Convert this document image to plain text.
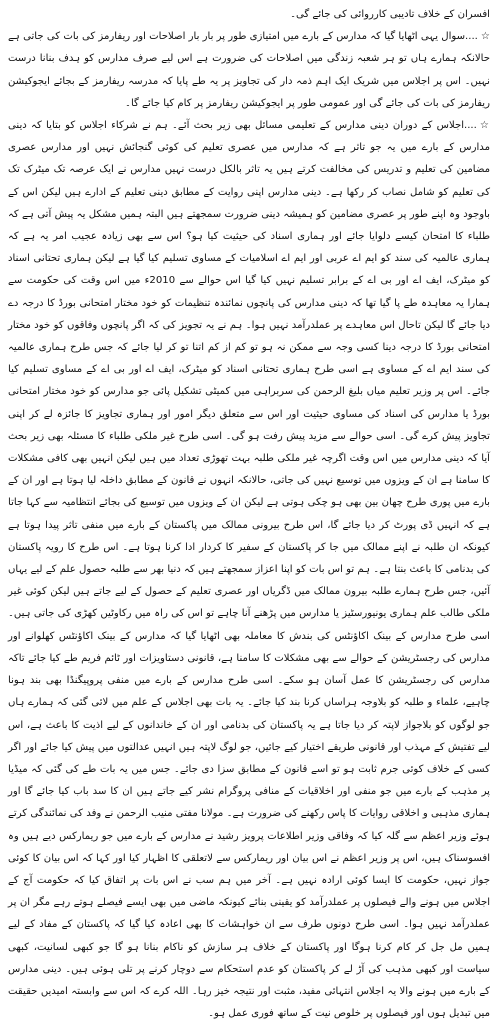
افسران کے خلاف تادیبی کارروائی کی جائے گی۔

☆....سوال یہی اٹھایا گیا کہ مدارس کے بارے میں امتیازی طور پر بار بار اصلاحات اور ریفارمز کی بات کی جاتی ہے حالانکہ ہمارے ہاں تو ہر شعبہ زندگی میں اصلاحات کی ضرورت ہے اس لیے صرف مدارس کو ہدف بنانا درست نہیں۔ اس پر اجلاس میں شریک ایک اہم ذمہ دار کی تجاویز پر یہ طے پایا کہ مدرسہ ریفارمز کے بجائے ایجوکیشن ریفارمز کی بات کی جائے گی اور عمومی طور پر ایجوکیشن ریفارمز پر کام کیا جائے گا۔

☆....اجلاس کے دوران دینی مدارس کے تعلیمی مسائل بھی زیر بحث آئے۔ ہم نے شرکاء اجلاس کو بتایا کہ دینی مدارس کے بارے میں یہ جو تاثر ہے کہ مدارس میں عصری تعلیم کی کوئی گنجائش نہیں اور مدارس عصری مضامین کی تعلیم و تدریس کی مخالفت کرتے ہیں یہ تاثر بالکل درست نہیں مدارس نے ایک عرصہ تک میٹرک تک کی تعلیم کو شامل نصاب کر رکھا ہے۔ دینی مدارس اپنی روایت کے مطابق دینی تعلیم کے ادارے ہیں لیکن اس کے باوجود وہ اپنے طور پر عصری مضامین کو ہمیشہ دینی ضرورت سمجھتے ہیں البتہ ہمیں مشکل یہ پیش آتی ہے کہ طلباء کا امتحان کیسے دلوایا جائے اور ہماری اسناد کی حیثیت کیا ہو؟ اس سے بھی زیادہ عجیب امر یہ ہے کہ ہماری عالمیہ کی سند کو ایم اے عربی اور ایم اے اسلامیات کے مساوی تسلیم کیا گیا ہے لیکن ہماری تحتانی اسناد کو میٹرک، ایف اے اور بی اے کے برابر تسلیم نہیں کیا گیا اس حوالے سے 2010ء میں اس وقت کی حکومت سے ہمارا یہ معاہدہ طے پا گیا تھا کہ دینی مدارس کی پانچوں نمائندہ تنظیمات کو خود مختار امتحانی بورڈ کا درجہ دے دیا جائے گا لیکن تاحال اس معاہدے پر عملدرآمد نہیں ہوا۔ ہم نے یہ تجویز کی کہ اگر پانچوں وفاقوں کو خود مختار امتحانی بورڈ کا درجہ دینا کسی وجہ سے ممکن نہ ہو تو کم از کم اتنا تو کر لیا جائے کہ جس طرح ہماری عالمیہ کی سند ایم اے کے مساوی ہے اسی طرح ہماری تحتانی اسناد کو میٹرک، ایف اے اور بی اے کے مساوی تسلیم کیا جائے۔ اس پر وزیر تعلیم میاں بلیغ الرحمن کی سربراہی میں کمیٹی تشکیل پائی جو مدارس کو خود مختار امتحانی بورڈ یا مدارس کی اسناد کی مساوی حیثیت اور اس سے متعلق دیگر امور اور ہماری تجاویز کا جائزہ لے کر اپنی تجاویز پیش کرے گی۔ اسی حوالے سے مزید پیش رفت ہو گی۔ اسی طرح غیر ملکی طلباء کا مسئلہ بھی زیر بحث آیا کہ دینی مدارس میں اس وقت اگرچہ غیر ملکی طلبہ بہت تھوڑی تعداد میں ہیں لیکن انہیں بھی کافی مشکلات کا سامنا ہے ان کے ویزوں میں توسیع نہیں کی جاتی، حالانکہ انہوں نے قانون کے مطابق داخلہ لیا ہوتا ہے اور ان کے بارے میں پوری طرح چھان بین بھی ہو چکی ہوتی ہے لیکن ان کے ویزوں میں توسیع کی بجائے انتظامیہ سے کہا جاتا ہے کہ انہیں ڈی پورٹ کر دیا جائے گا، اس طرح بیرونی ممالک میں پاکستان کے بارے میں منفی تاثر پیدا ہوتا ہے کیونکہ ان طلبہ نے اپنے ممالک میں جا کر پاکستان کے سفیر کا کردار ادا کرنا ہوتا ہے۔ اس طرح کا رویہ پاکستان کی بدنامی کا باعث بنتا ہے۔ ہم تو اس بات کو اپنا اعزاز سمجھتے ہیں کہ دنیا بھر سے طلبہ حصول علم کے لیے یہاں آئیں، جس طرح ہمارے طلبہ بیرون ممالک میں ڈگریاں اور عصری تعلیم کے حصول کے لیے جاتے ہیں لیکن کوئی غیر ملکی طالب علم ہماری یونیورسٹیز یا مدارس میں پڑھنے آنا چاہے تو اس کی راہ میں رکاوٹیں کھڑی کی جاتی ہیں۔ اسی طرح مدارس کے بینک اکاؤنٹس کی بندش کا معاملہ بھی اٹھایا گیا کہ مدارس کے بینک اکاؤنٹس کھلوانے اور مدارس کی رجسٹریشن کے حوالے سے بھی مشکلات کا سامنا ہے، قانونی دستاویزات اور ٹائم فریم طے کیا جائے تاکہ مدارس کی رجسٹریشن کا عمل آسان ہو سکے۔ اسی طرح مدارس کے بارے میں منفی پروپیگنڈا بھی بند ہونا چاہیے، علماء و طلبہ کو بلاوجہ ہراساں کرنا بند کیا جائے۔ یہ بات بھی اجلاس کے علم میں لائی گئی کہ ہمارے ہاں جو لوگوں کو بلاجواز لاپتہ کر دیا جاتا ہے یہ پاکستان کی بدنامی اور ان کے خاندانوں کے لیے اذیت کا باعث ہے، اس لیے تفتیش کے مہذب اور قانونی طریقے اختیار کیے جائیں، جو لوگ لاپتہ ہیں انہیں عدالتوں میں پیش کیا جائے اور اگر کسی کے خلاف کوئی جرم ثابت ہو تو اسے قانون کے مطابق سزا دی جائے۔ جس میں یہ بات طے کی گئی کہ میڈیا پر مذہب کے بارے میں جو منفی اور اخلاقیات کے منافی پروگرام نشر کیے جاتے ہیں ان کا سد باب کیا جائے گا اور ہماری مذہبی و اخلاقی روایات کا پاس رکھنے کی ضرورت ہے۔ مولانا مفتی منیب الرحمن نے وفد کی نمائندگی کرتے ہوئے وزیر اعظم سے گلہ کیا کہ وفاقی وزیر اطلاعات پرویز رشید نے مدارس کے بارے میں جو ریمارکس دیے ہیں وہ افسوسناک ہیں، اس پر وزیر اعظم نے اس بیان اور ریمارکس سے لاتعلقی کا اظہار کیا اور کہا کہ اس بیان کا کوئی جواز نہیں، حکومت کا ایسا کوئی ارادہ نہیں ہے۔ آخر میں ہم سب نے اس بات پر اتفاق کیا کہ حکومت آج کے اجلاس میں ہونے والے فیصلوں پر عملدرآمد کو یقینی بنائے کیونکہ ماضی میں بھی ایسے فیصلے ہوتے رہے مگر ان پر عملدرآمد نہیں ہوا۔ اسی طرح دونوں طرف سے ان خواہشات کا بھی اعادہ کیا گیا کہ پاکستان کے مفاد کے لیے ہمیں مل جل کر کام کرنا ہوگا اور پاکستان کے خلاف ہر سازش کو ناکام بنانا ہو گا جو کبھی لسانیت، کبھی سیاست اور کبھی مذہب کی آڑ لے کر پاکستان کو عدم استحکام سے دوچار کرنے پر تلی ہوئی ہیں۔ دینی مدارس کے بارے میں ہونے والا یہ اجلاس انتہائی مفید، مثبت اور نتیجہ خیز رہا۔ اللہ کرے کہ اس سے وابستہ امیدیں حقیقت میں تبدیل ہوں اور فیصلوں پر خلوص نیت کے ساتھ فوری عمل ہو۔
